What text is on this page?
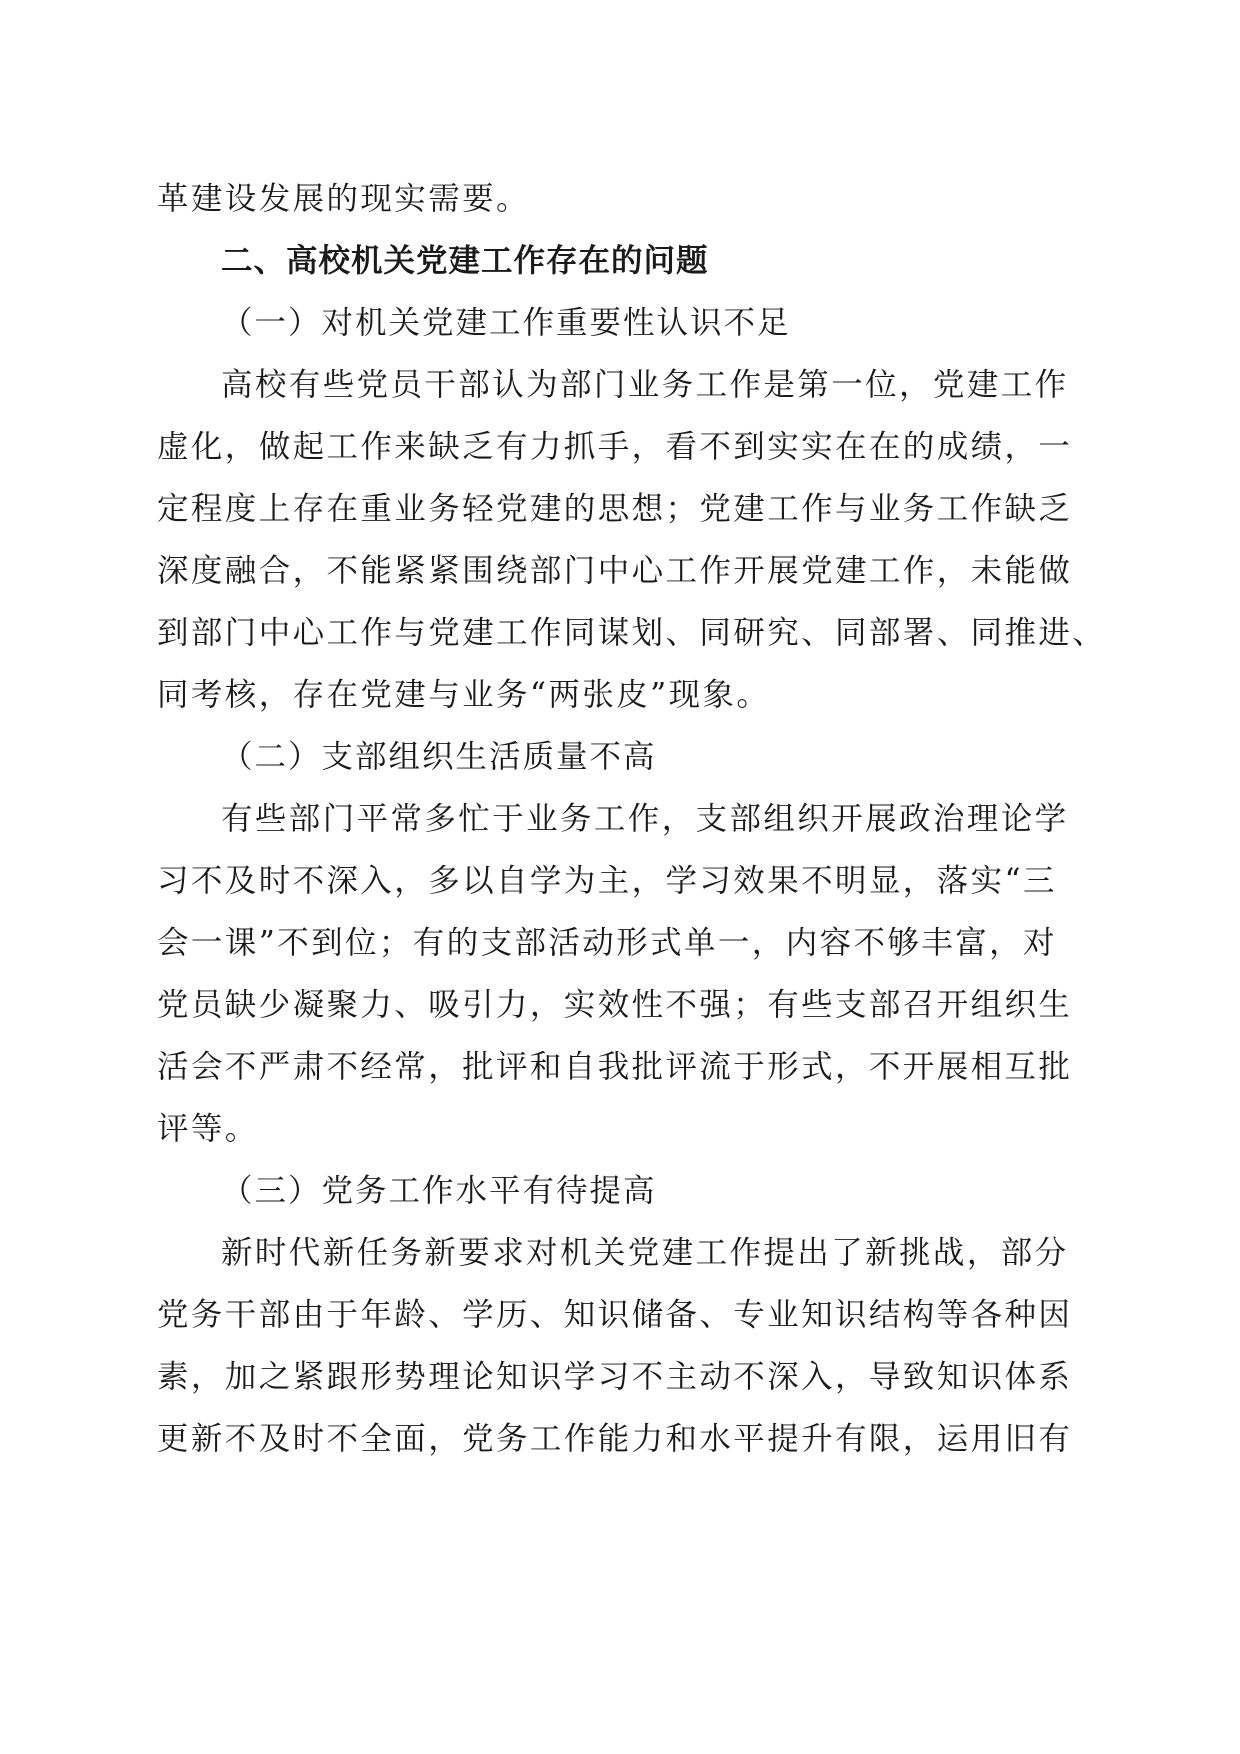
革建设发展的现实需要。
二、高校机关党建工作存在的问题
（一）对机关党建工作重要性认识不足
高校有些党员干部认为部门业务工作是第一位，党建工作
虚化，做起工作来缺乏有力抓手，看不到实实在在的成绩，一
定程度上存在重业务轻党建的思想；党建工作与业务工作缺乏
深度融合，不能紧紧围绕部门中心工作开展党建工作，未能做
到部门中心工作与党建工作同谋划、同研究、同部署、同推进、
同考核，存在党建与业务“两张皮”现象。
（二）支部组织生活质量不高
有些部门平常多忙于业务工作，支部组织开展政治理论学
习不及时不深入，多以自学为主，学习效果不明显，落实“三
会一课”不到位；有的支部活动形式单一，内容不够丰富，对
党员缺少凝聚力、吸引力，实效性不强；有些支部召开组织生
活会不严肃不经常，批评和自我批评流于形式，不开展相互批
评等。
（三）党务工作水平有待提高
新时代新任务新要求对机关党建工作提出了新挑战，部分
党务干部由于年龄、学历、知识储备、专业知识结构等各种因
素，加之紧跟形势理论知识学习不主动不深入，导致知识体系
更新不及时不全面，党务工作能力和水平提升有限，运用旧有
